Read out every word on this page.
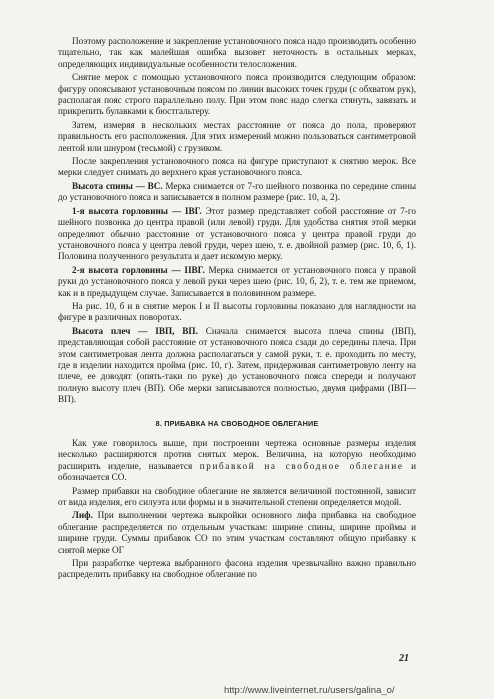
Поэтому расположение и закрепление установочного пояса надо производить особенно тщательно, так как малейшая ошибка вызовет неточность в остальных мерках, определяющих индивидуальные особенности телосложения.

Снятие мерок с помощью установочного пояса производится следующим образом: фигуру опоясывают установочным поясом по линии высоких точек груди (с обхватом рук), располагая пояс строго параллельно полу. При этом пояс надо слегка стянуть, завязать и прикрепить булавками к бюстгальтеру.

Затем, измеряя в нескольких местах расстояние от пояса до пола, проверяют правильность его расположения. Для этих измерений можно пользоваться сантиметровой лентой или шнуром (тесьмой) с грузиком.

После закрепления установочного пояса на фигуре приступают к снятию мерок. Все мерки следует снимать до верхнего края установочного пояса.

Высота спины — ВС. Мерка снимается от 7-го шейного позвонка по середине спины до установочного пояса и записывается в полном размере (рис. 10, а, 2).

1-я высота горловины — IВГ. Этот размер представляет собой расстояние от 7-го шейного позвонка до центра правой (или левой) груди. Для удобства снятия этой мерки определяют обычно расстояние от установочного пояса у центра правой груди до установочного пояса у центра левой груди, через шею, т. е. двойной размер (рис. 10, б, 1). Половина полученного результата и дает искомую мерку.

2-я высота горловины — IIВГ. Мерка снимается от установочного пояса у правой руки до установочного пояса у левой руки через шею (рис. 10, б, 2), т. е. тем же приемом, как и в предыдущем случае. Записывается в половинном размере.

На рис. 10, б и в снятие мерок I и II высоты горловины показано для наглядности на фигуре в различных поворотах.

Высота плеч — IВП, ВП. Сначала снимается высота плеча спины (IВП), представляющая собой расстояние от установочного пояса сзади до середины плеча. При этом сантиметровая лента должна располагаться у самой руки, т. е. проходить по месту, где в изделии находится пройма (рис. 10, г). Затем, придерживая сантиметровую ленту на плече, ее доводят (опять-таки по руке) до установочного пояса спереди и получают полную высоту плеч (ВП). Обе мерки записываются полностью, двумя цифрами (IВП—ВП).

8. ПРИБАВКА НА СВОБОДНОЕ ОБЛЕГАНИЕ

Как уже говорилось выше, при построении чертежа основные размеры изделия несколько расширяются против снятых мерок. Величина, на которую необходимо расширить изделие, называется прибавкой на свободное облегание и обозначается СО.

Размер прибавки на свободное облегание не является величиной постоянной, зависит от вида изделия, его силуэта или формы и в значительной степени определяется модой.

Лиф. При выполнении чертежа выкройки основного лифа прибавка на свободное облегание распределяется по отдельным участкам: ширине спины, ширине проймы и ширине груди. Суммы прибавок СО по этим участкам составляют общую прибавку к снятой мерке ОГ

При разработке чертежа выбранного фасона изделия чрезвычайно важно правильно распределить прибавку на свободное облегание по

21
http://www.liveinternet.ru/users/galina_o/
